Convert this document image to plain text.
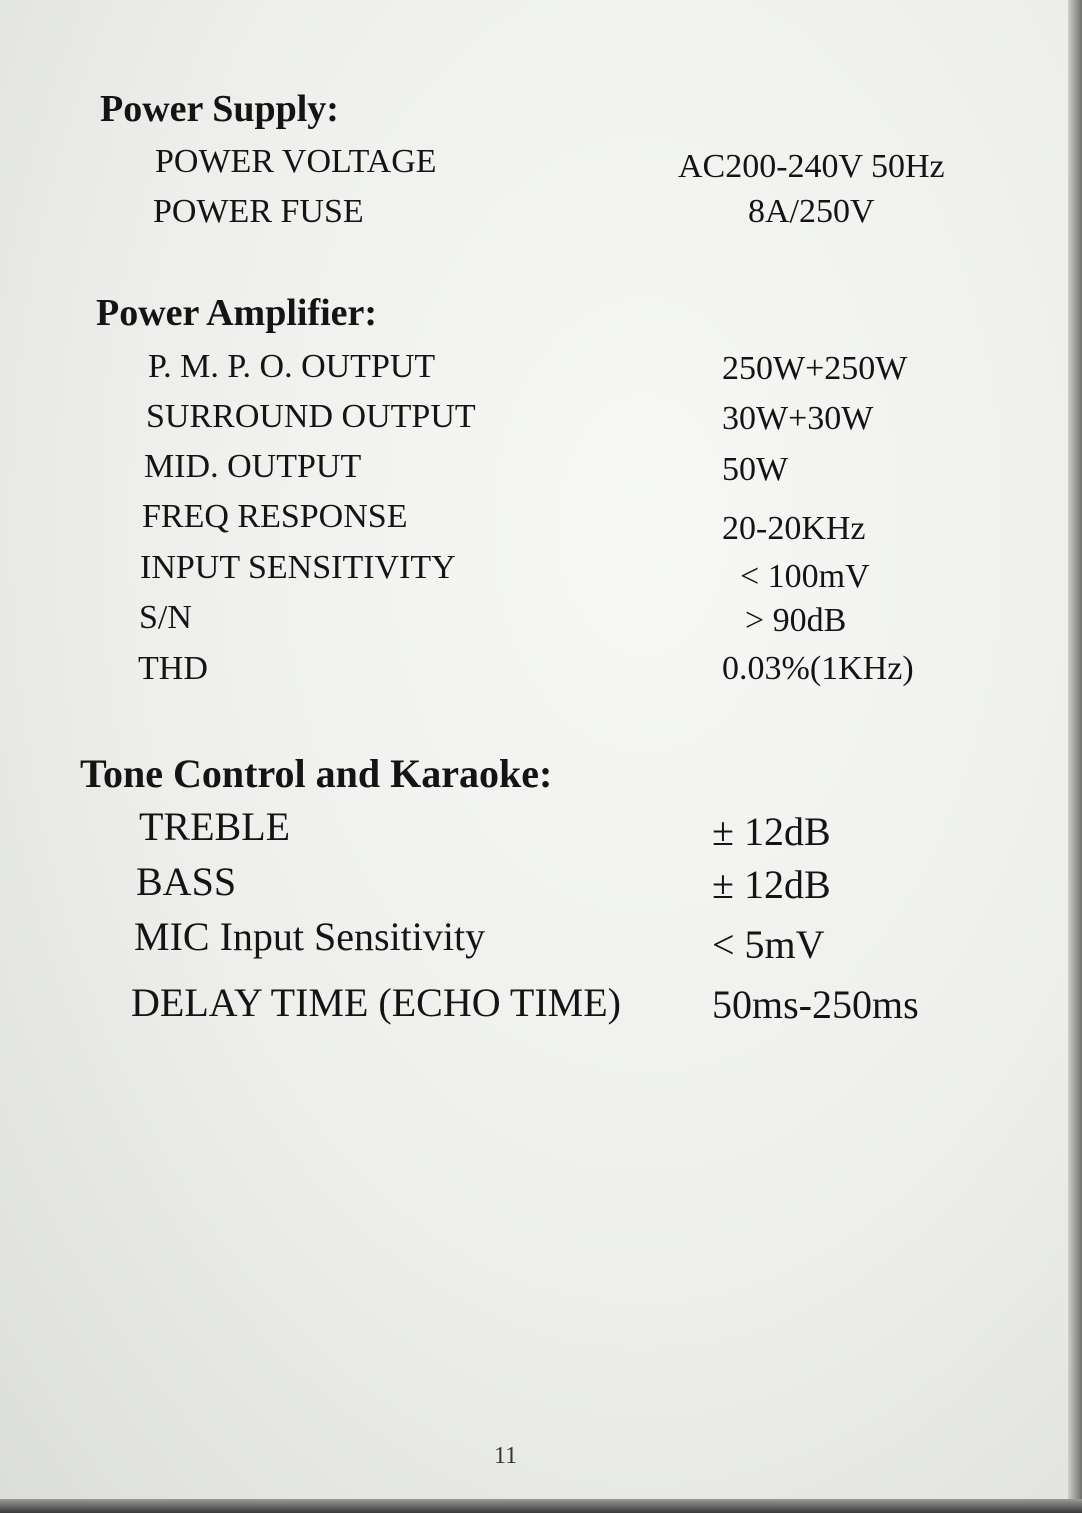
Power Supply:
POWER VOLTAGE	AC200-240V 50Hz
POWER FUSE	8A/250V
Power Amplifier:
P. M. P. O. OUTPUT	250W+250W
SURROUND OUTPUT	30W+30W
MID. OUTPUT	50W
FREQ RESPONSE	20-20KHz
INPUT SENSITIVITY	< 100mV
S/N	> 90dB
THD	0.03%(1KHz)
Tone Control and Karaoke:
TREBLE	± 12dB
BASS	± 12dB
MIC Input Sensitivity	< 5mV
DELAY TIME (ECHO TIME) 50ms-250ms
11
